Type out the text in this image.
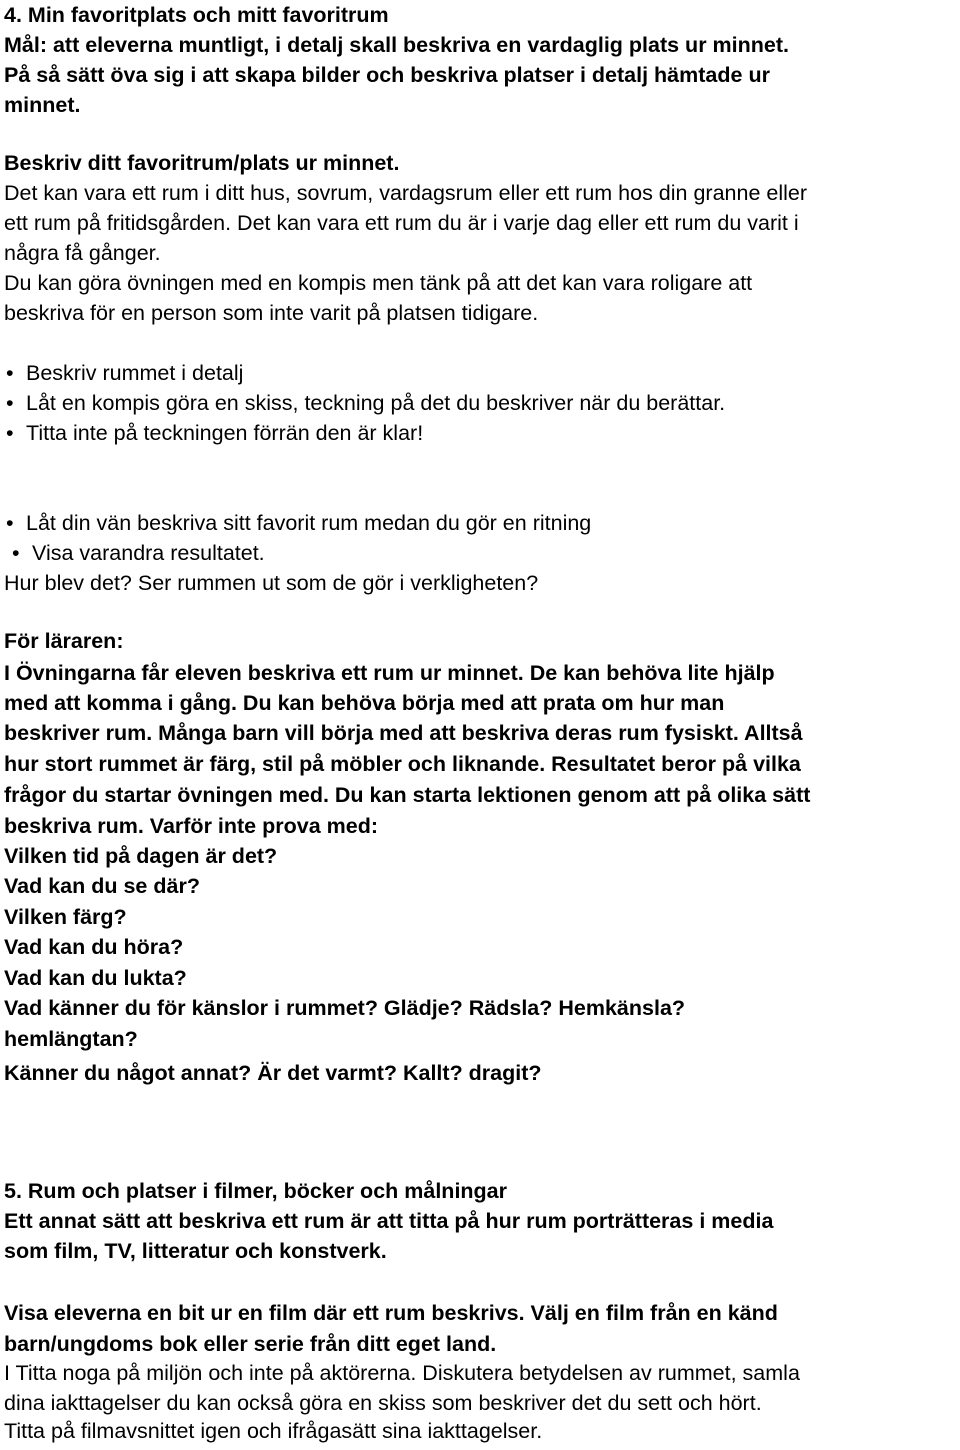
4. Min favoritplats och mitt favoritrum
Mål: att eleverna muntligt, i detalj skall beskriva en vardaglig plats ur minnet.
På så sätt öva sig i att skapa bilder och beskriva platser i detalj hämtade ur
minnet.
Beskriv ditt favoritrum/plats ur minnet.
Det kan vara ett rum i ditt hus, sovrum, vardagsrum eller ett rum hos din granne eller
ett rum på fritidsgården. Det kan vara ett rum du är i varje dag eller ett rum du varit i
några få gånger.
Du kan göra övningen med en kompis men tänk på att det kan vara roligare att
beskriva för en person som inte varit på platsen tidigare.
• Beskriv rummet i detalj
• Låt en kompis göra en skiss, teckning på det du beskriver när du berättar.
• Titta inte på teckningen förrän den är klar!
• Låt din vän beskriva sitt favorit rum medan du gör en ritning
• Visa varandra resultatet.
Hur blev det? Ser rummen ut som de gör i verkligheten?
För läraren:
I Övningarna får eleven beskriva ett rum ur minnet. De kan behöva lite hjälp
med att komma i gång. Du kan behöva börja med att prata om hur man
beskriver rum. Många barn vill börja med att beskriva deras rum fysiskt. Alltså
hur stort rummet är färg, stil på möbler och liknande. Resultatet beror på vilka
frågor du startar övningen med. Du kan starta lektionen genom att på olika sätt
beskriva rum. Varför inte prova med:
Vilken tid på dagen är det?
Vad kan du se där?
Vilken färg?
Vad kan du höra?
Vad kan du lukta?
Vad känner du för känslor i rummet? Glädje? Rädsla? Hemkänsla?
hemlängtan?
Känner du något annat? Är det varmt? Kallt? dragit?
5. Rum och platser i filmer, böcker och målningar
Ett annat sätt att beskriva ett rum är att titta på hur rum porträtteras i media
som film, TV, litteratur och konstverk.
Visa eleverna en bit ur en film där ett rum beskrivs. Välj en film från en känd
barn/ungdoms bok eller serie från ditt eget land.
I Titta noga på miljön och inte på aktörerna. Diskutera betydelsen av rummet, samla
dina iakttagelser du kan också göra en skiss som beskriver det du sett och hört.
Titta på filmavsnittet igen och ifrågasätt sina iakttagelser.
